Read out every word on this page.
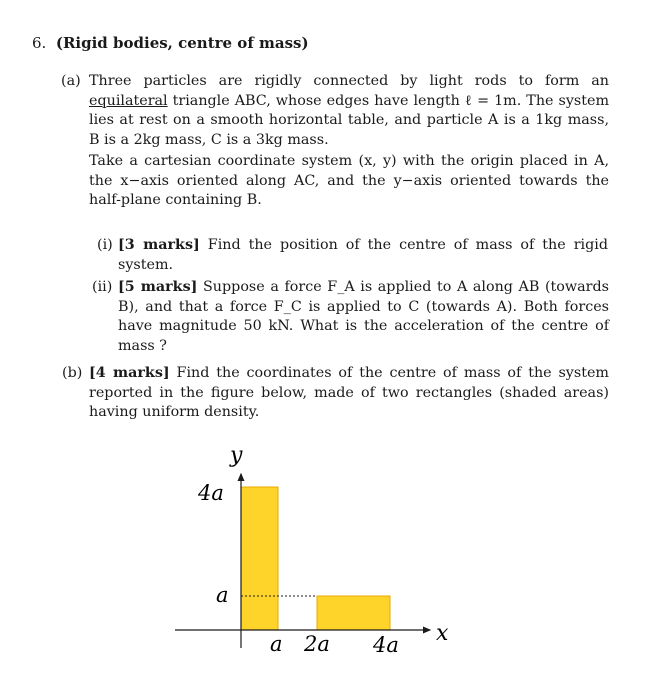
6. (Rigid bodies, centre of mass)
(a) Three particles are rigidly connected by light rods to form an equilateral triangle ABC, whose edges have length ℓ = 1m. The system lies at rest on a smooth horizontal table, and particle A is a 1kg mass, B is a 2kg mass, C is a 3kg mass.
Take a cartesian coordinate system (x, y) with the origin placed in A, the x−axis oriented along AC, and the y−axis oriented towards the half-plane containing B.
(i) [3 marks] Find the position of the centre of mass of the rigid system.
(ii) [5 marks] Suppose a force F_A is applied to A along AB (towards B), and that a force F_C is applied to C (towards A). Both forces have magnitude 50 kN. What is the acceleration of the centre of mass ?
(b) [4 marks] Find the coordinates of the centre of mass of the system reported in the figure below, made of two rectangles (shaded areas) having uniform density.
y
x
4a
a
a 2a 4a
